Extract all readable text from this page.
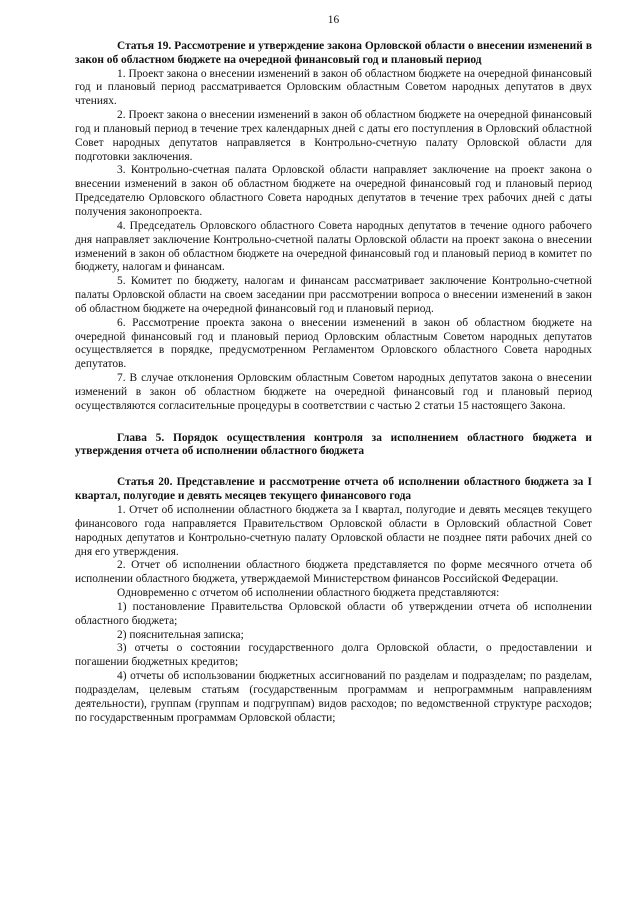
16

Статья 19. Рассмотрение и утверждение закона Орловской области о внесении изменений в закон об областном бюджете на очередной финансовый год и плановый период

1. Проект закона о внесении изменений в закон об областном бюджете на очередной финансовый год и плановый период рассматривается Орловским областным Советом народных депутатов в двух чтениях.

2. Проект закона о внесении изменений в закон об областном бюджете на очередной финансовый год и плановый период в течение трех календарных дней с даты его поступления в Орловский областной Совет народных депутатов направляется в Контрольно-счетную палату Орловской области для подготовки заключения.

3. Контрольно-счетная палата Орловской области направляет заключение на проект закона о внесении изменений в закон об областном бюджете на очередной финансовый год и плановый период Председателю Орловского областного Совета народных депутатов в течение трех рабочих дней с даты получения законопроекта.

4. Председатель Орловского областного Совета народных депутатов в течение одного рабочего дня направляет заключение Контрольно-счетной палаты Орловской области на проект закона о внесении изменений в закон об областном бюджете на очередной финансовый год и плановый период в комитет по бюджету, налогам и финансам.

5. Комитет по бюджету, налогам и финансам рассматривает заключение Контрольно-счетной палаты Орловской области на своем заседании при рассмотрении вопроса о внесении изменений в закон об областном бюджете на очередной финансовый год и плановый период.

6. Рассмотрение проекта закона о внесении изменений в закон об областном бюджете на очередной финансовый год и плановый период Орловским областным Советом народных депутатов осуществляется в порядке, предусмотренном Регламентом Орловского областного Совета народных депутатов.

7. В случае отклонения Орловским областным Советом народных депутатов закона о внесении изменений в закон об областном бюджете на очередной финансовый год и плановый период осуществляются согласительные процедуры в соответствии с частью 2 статьи 15 настоящего Закона.

Глава 5. Порядок осуществления контроля за исполнением областного бюджета и утверждения отчета об исполнении областного бюджета

Статья 20. Представление и рассмотрение отчета об исполнении областного бюджета за I квартал, полугодие и девять месяцев текущего финансового года

1. Отчет об исполнении областного бюджета за I квартал, полугодие и девять месяцев текущего финансового года направляется Правительством Орловской области в Орловский областной Совет народных депутатов и Контрольно-счетную палату Орловской области не позднее пяти рабочих дней со дня его утверждения.

2. Отчет об исполнении областного бюджета представляется по форме месячного отчета об исполнении областного бюджета, утверждаемой Министерством финансов Российской Федерации.

Одновременно с отчетом об исполнении областного бюджета представляются:

1) постановление Правительства Орловской области об утверждении отчета об исполнении областного бюджета;

2) пояснительная записка;

3) отчеты о состоянии государственного долга Орловской области, о предоставлении и погашении бюджетных кредитов;

4) отчеты об использовании бюджетных ассигнований по разделам и подразделам; по разделам, подразделам, целевым статьям (государственным программам и непрограммным направлениям деятельности), группам (группам и подгруппам) видов расходов; по ведомственной структуре расходов; по государственным программам Орловской области;
